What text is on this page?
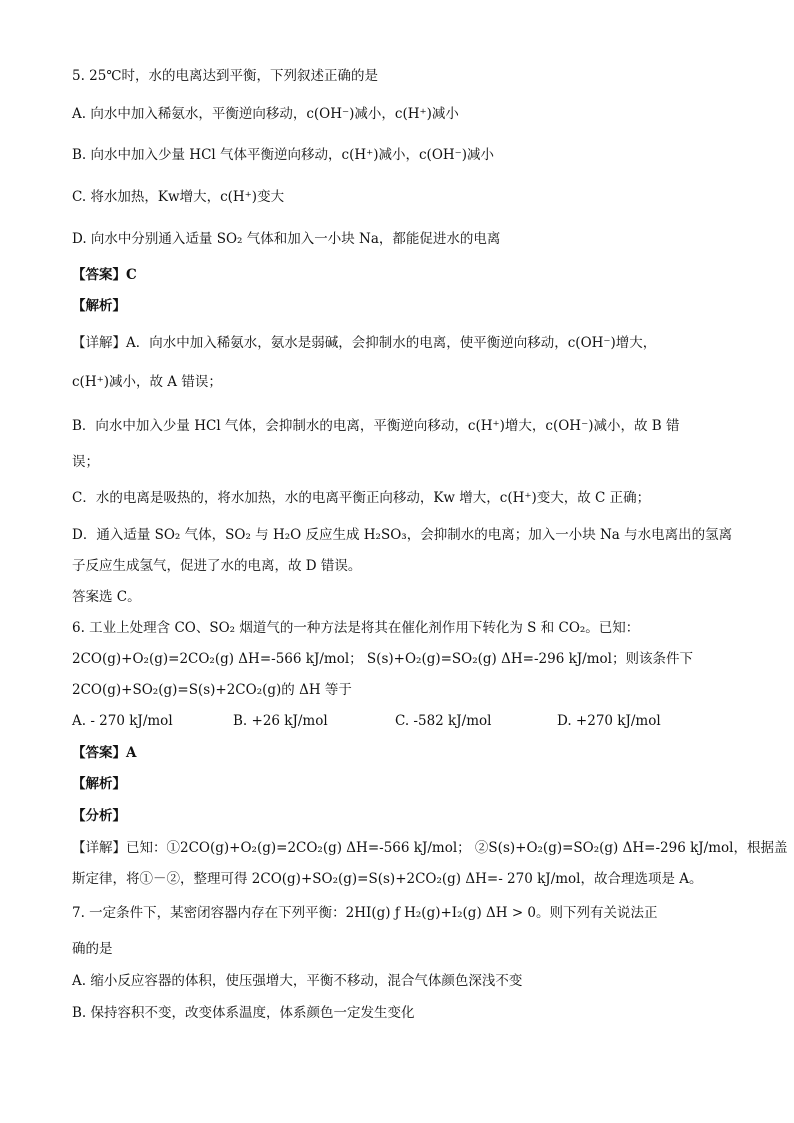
5. 25℃时，水的电离达到平衡，下列叙述正确的是
A. 向水中加入稀氨水，平衡逆向移动，c(OH⁻)减小，c(H⁺)减小
B. 向水中加入少量 HCl 气体平衡逆向移动，c(H⁺)减小，c(OH⁻)减小
C. 将水加热，Kw增大，c(H⁺)变大
D. 向水中分别通入适量 SO₂ 气体和加入一小块 Na，都能促进水的电离
【答案】C
【解析】
【详解】A．向水中加入稀氨水，氨水是弱碱，会抑制水的电离，使平衡逆向移动，c(OH⁻)增大，
c(H⁺)减小，故 A 错误；
B．向水中加入少量 HCl 气体，会抑制水的电离，平衡逆向移动，c(H⁺)增大，c(OH⁻)减小，故 B 错
误；
C．水的电离是吸热的，将水加热，水的电离平衡正向移动，Kw 增大，c(H⁺)变大，故 C 正确；
D．通入适量 SO₂ 气体，SO₂ 与 H₂O 反应生成 H₂SO₃，会抑制水的电离；加入一小块 Na 与水电离出的氢离
子反应生成氢气，促进了水的电离，故 D 错误。
答案选 C。
6. 工业上处理含 CO、SO₂ 烟道气的一种方法是将其在催化剂作用下转化为 S 和 CO₂。已知：
2CO(g)+O₂(g)=2CO₂(g) ΔH=-566 kJ/mol； S(s)+O₂(g)=SO₂(g) ΔH=-296 kJ/mol；则该条件下
2CO(g)+SO₂(g)=S(s)+2CO₂(g)的 ΔH 等于
A. - 270 kJ/mol	B. +26 kJ/mol	C. -582 kJ/mol	D. +270 kJ/mol
【答案】A
【解析】
【分析】
【详解】已知：①2CO(g)+O₂(g)=2CO₂(g) ΔH=-566 kJ/mol； ②S(s)+O₂(g)=SO₂(g) ΔH=-296 kJ/mol，根据盖
斯定律，将①－②，整理可得 2CO(g)+SO₂(g)=S(s)+2CO₂(g) ΔH=- 270 kJ/mol，故合理选项是 A。
7. 一定条件下，某密闭容器内存在下列平衡：2HI(g) ƒ H₂(g)+I₂(g) ΔH > 0。则下列有关说法正
确的是
A. 缩小反应容器的体积，使压强增大，平衡不移动，混合气体颜色深浅不变
B. 保持容积不变，改变体系温度，体系颜色一定发生变化
